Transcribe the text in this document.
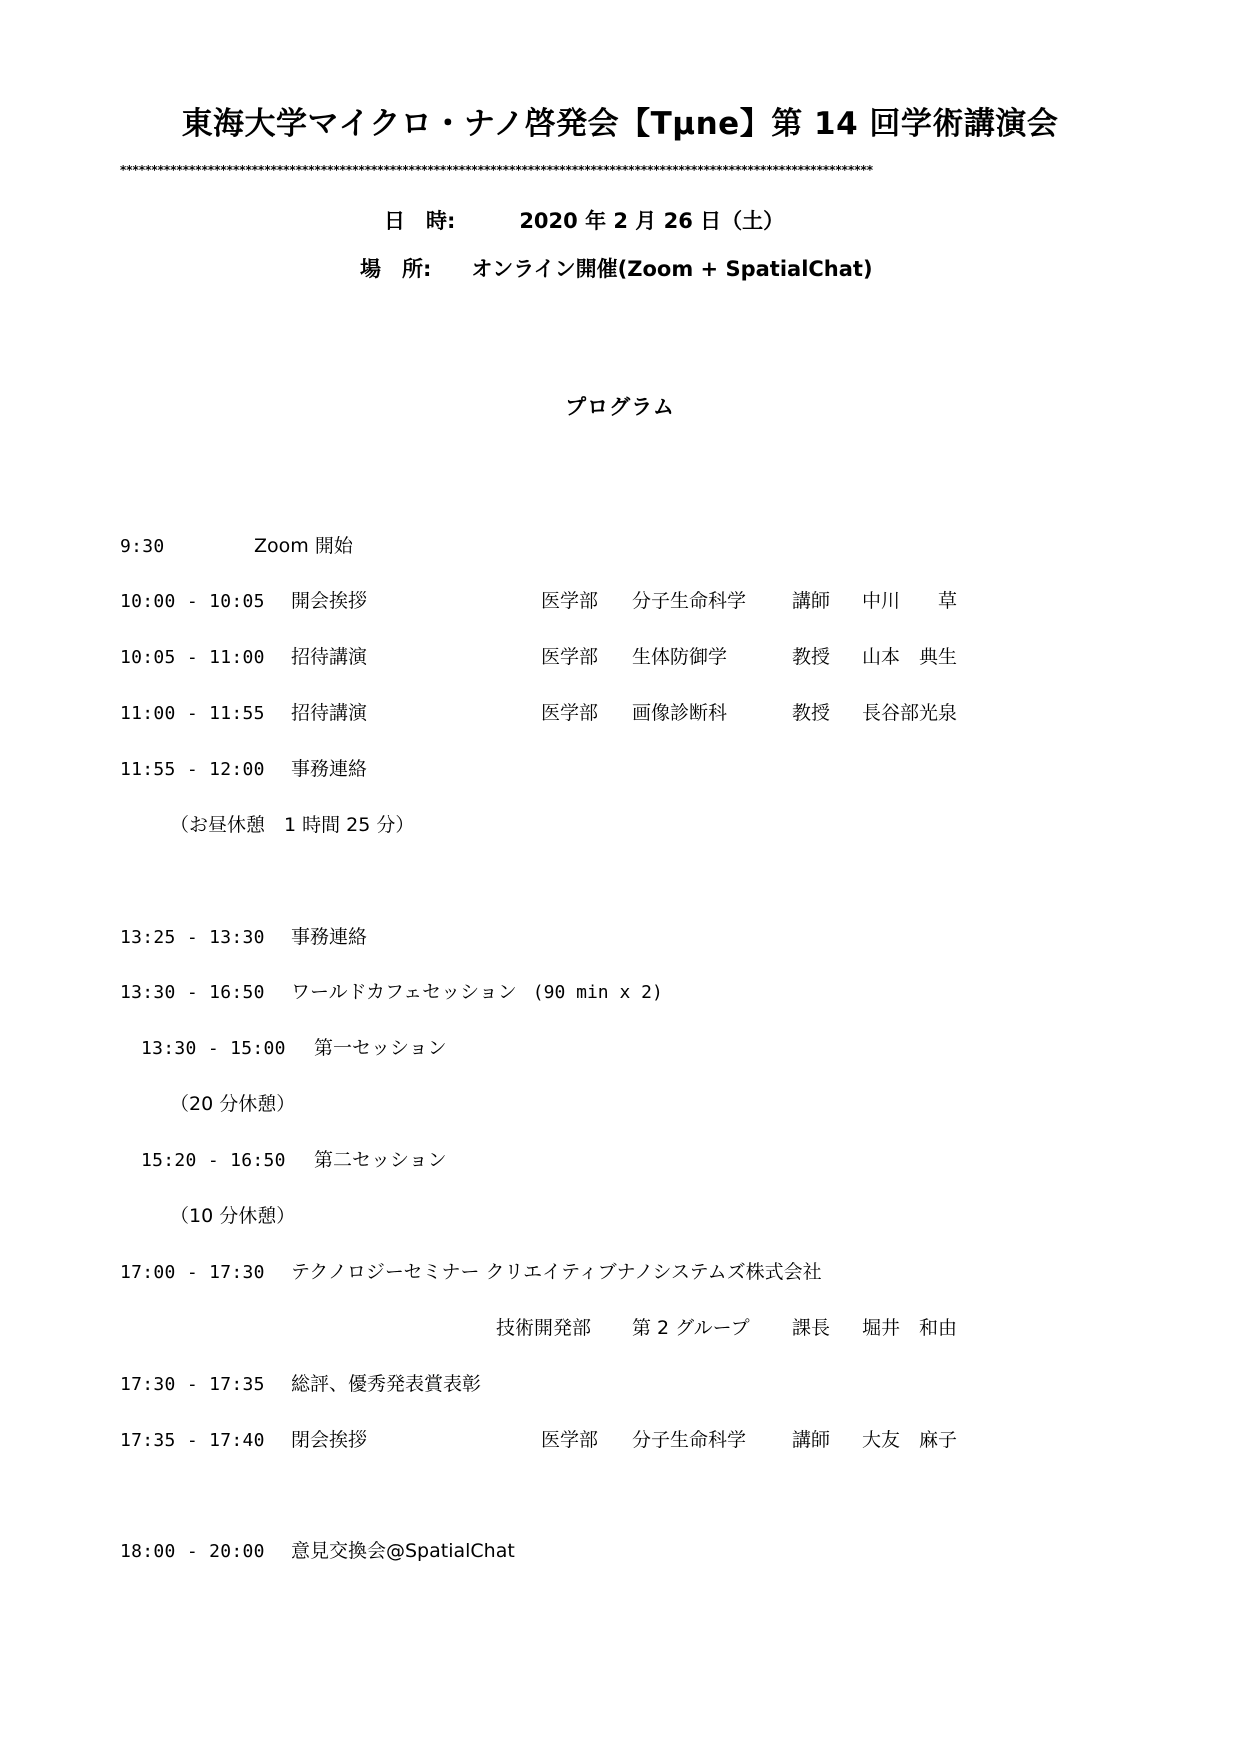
東海大学マイクロ・ナノ啓発会【Tμne】第 14 回学術講演会
************************************************************************************************************************
日　時:	2020 年 2 月 26 日（土）
場　所: オンライン開催(Zoom + SpatialChat)
プログラム
9:30	Zoom 開始
10:00 - 10:05 開会挨拶	医学部 分子生命科学 講師 中川　　草
10:05 - 11:00 招待講演	医学部 生体防御学	教授 山本　典生
11:00 - 11:55 招待講演	医学部 画像診断科	教授 長谷部光泉
11:55 - 12:00 事務連絡
（お昼休憩　1 時間 25 分）
13:25 - 13:30 事務連絡
13:30 - 16:50 ワールドカフェセッション (90 min x 2)
13:30 - 15:00 第一セッション
（20 分休憩）
15:20 - 16:50 第二セッション
（10 分休憩）
17:00 - 17:30 テクノロジーセミナー クリエイティブナノシステムズ株式会社
技術開発部 第 2 グループ 課長 堀井　和由
17:30 - 17:35 総評、優秀発表賞表彰
17:35 - 17:40 閉会挨拶	医学部 分子生命科学 講師 大友　麻子
18:00 - 20:00 意見交換会@SpatialChat
